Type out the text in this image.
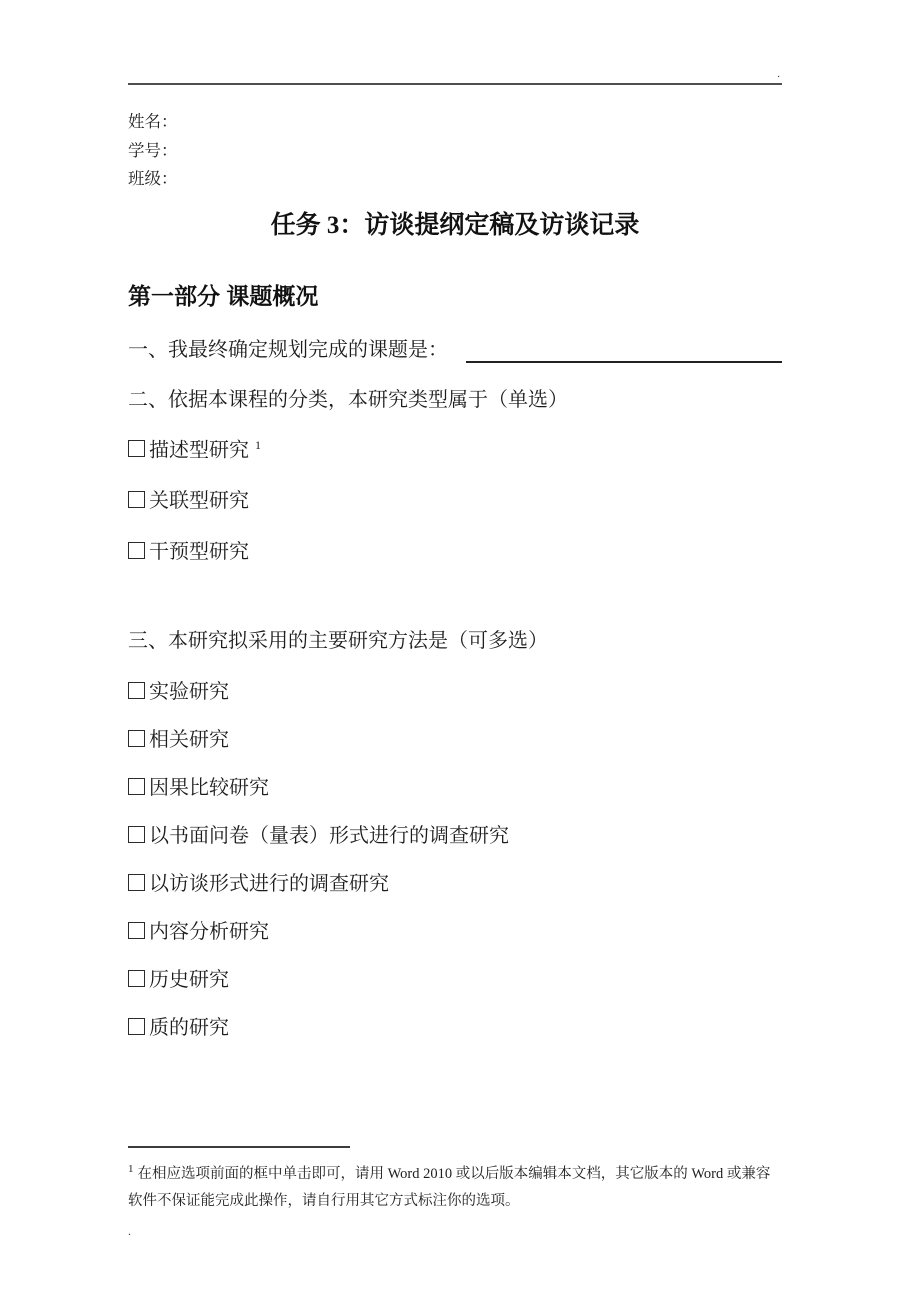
.
姓名：
学号：
班级：
任务 3：访谈提纲定稿及访谈记录
第一部分 课题概况
一、我最终确定规划完成的课题是：
二、依据本课程的分类，本研究类型属于（单选）
描述型研究 $^1$
关联型研究
干预型研究
三、本研究拟采用的主要研究方法是（可多选）
实验研究
相关研究
因果比较研究
以书面问卷（量表）形式进行的调查研究
以访谈形式进行的调查研究
内容分析研究
历史研究
质的研究
$^1$ 在相应选项前面的框中单击即可，请用 Word 2010 或以后版本编辑本文档，其它版本的 Word 或兼容软件不保证能完成此操作，请自行用其它方式标注你的选项。
.
